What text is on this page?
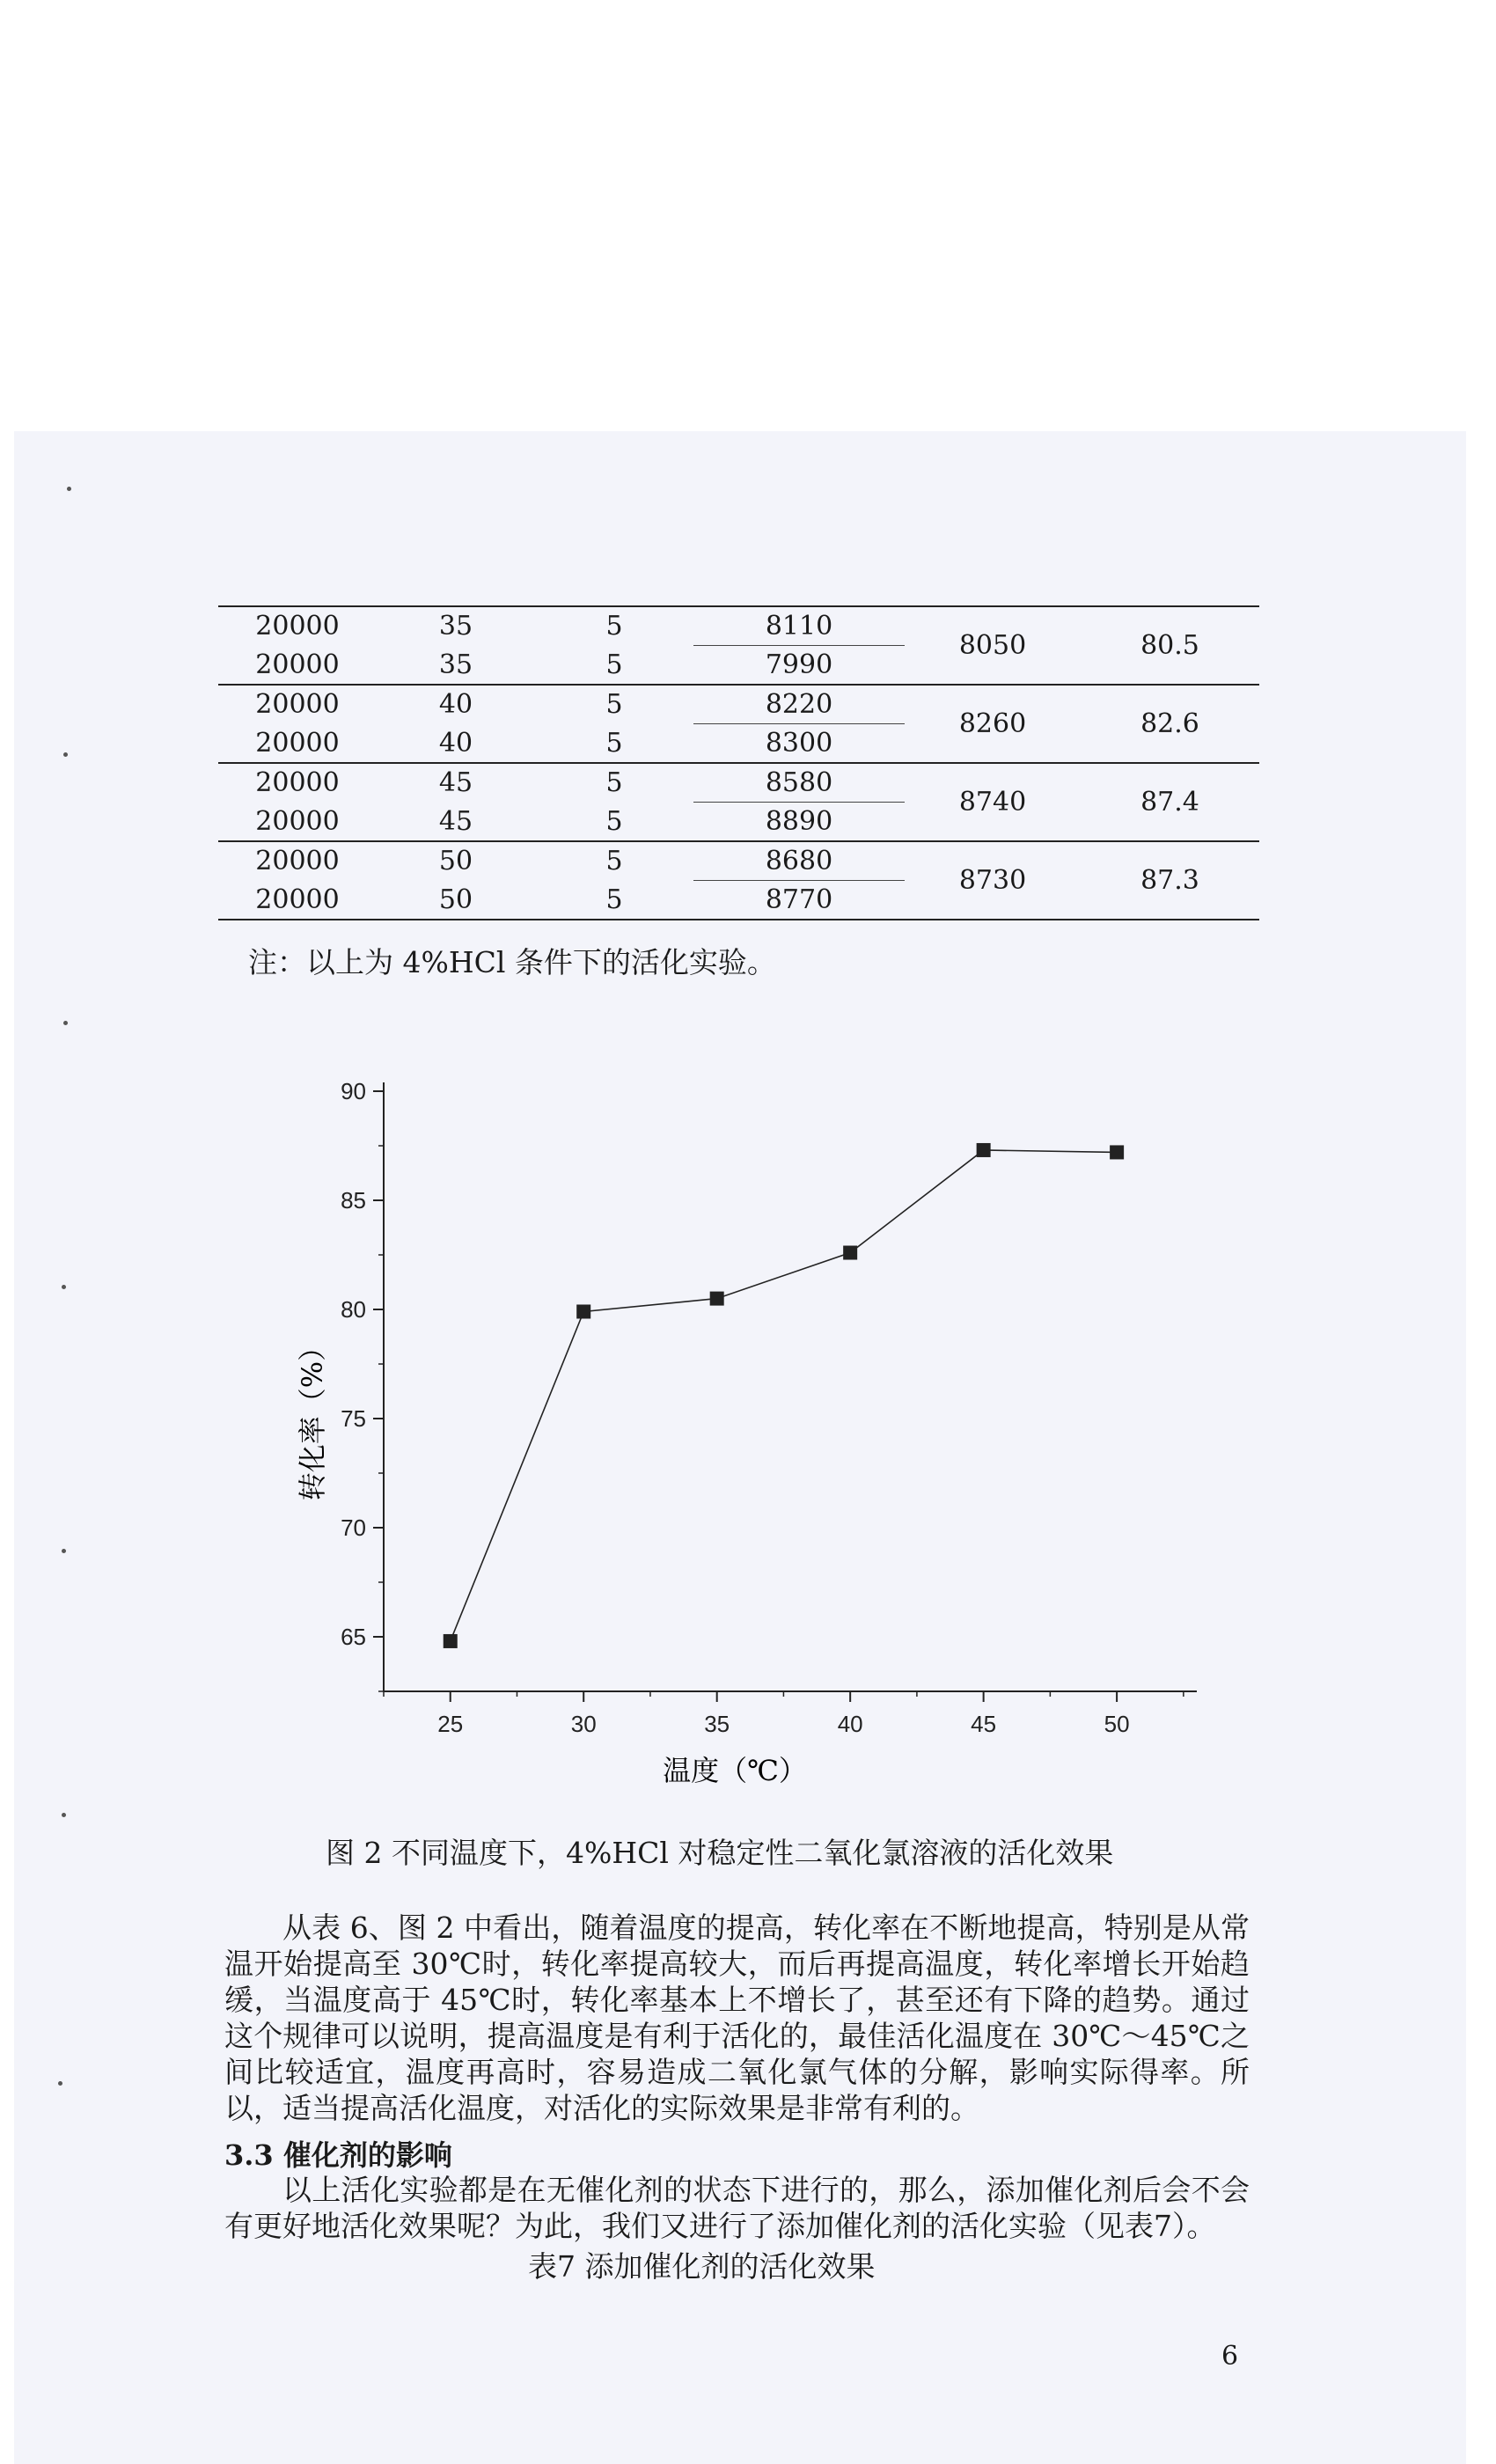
20000	35	5	8110	8050	80.5
20000	35	5	7990		
20000	40	5	8220	8260	82.6
20000	40	5	8300		
20000	45	5	8580	8740	87.4
20000	45	5	8890		
20000	50	5	8680	8730	87.3
20000	50	5	8770		
注：以上为 4%HCl 条件下的活化实验。
65
70
75
80
85
90
25	30	35	40	45	50
温度（℃）
转化率（%）
图 2 不同温度下，4%HCl 对稳定性二氧化氯溶液的活化效果
从表 6、图 2 中看出，随着温度的提高，转化率在不断地提高，特别是从常温开始提高至 30℃时，转化率提高较大，而后再提高温度，转化率增长开始趋缓，当温度高于 45℃时，转化率基本上不增长了，甚至还有下降的趋势。通过这个规律可以说明，提高温度是有利于活化的，最佳活化温度在 30℃～45℃之间比较适宜，温度再高时，容易造成二氧化氯气体的分解，影响实际得率。所以，适当提高活化温度，对活化的实际效果是非常有利的。
3.3 催化剂的影响
以上活化实验都是在无催化剂的状态下进行的，那么，添加催化剂后会不会有更好地活化效果呢？为此，我们又进行了添加催化剂的活化实验（见表7）。
表7 添加催化剂的活化效果
6
